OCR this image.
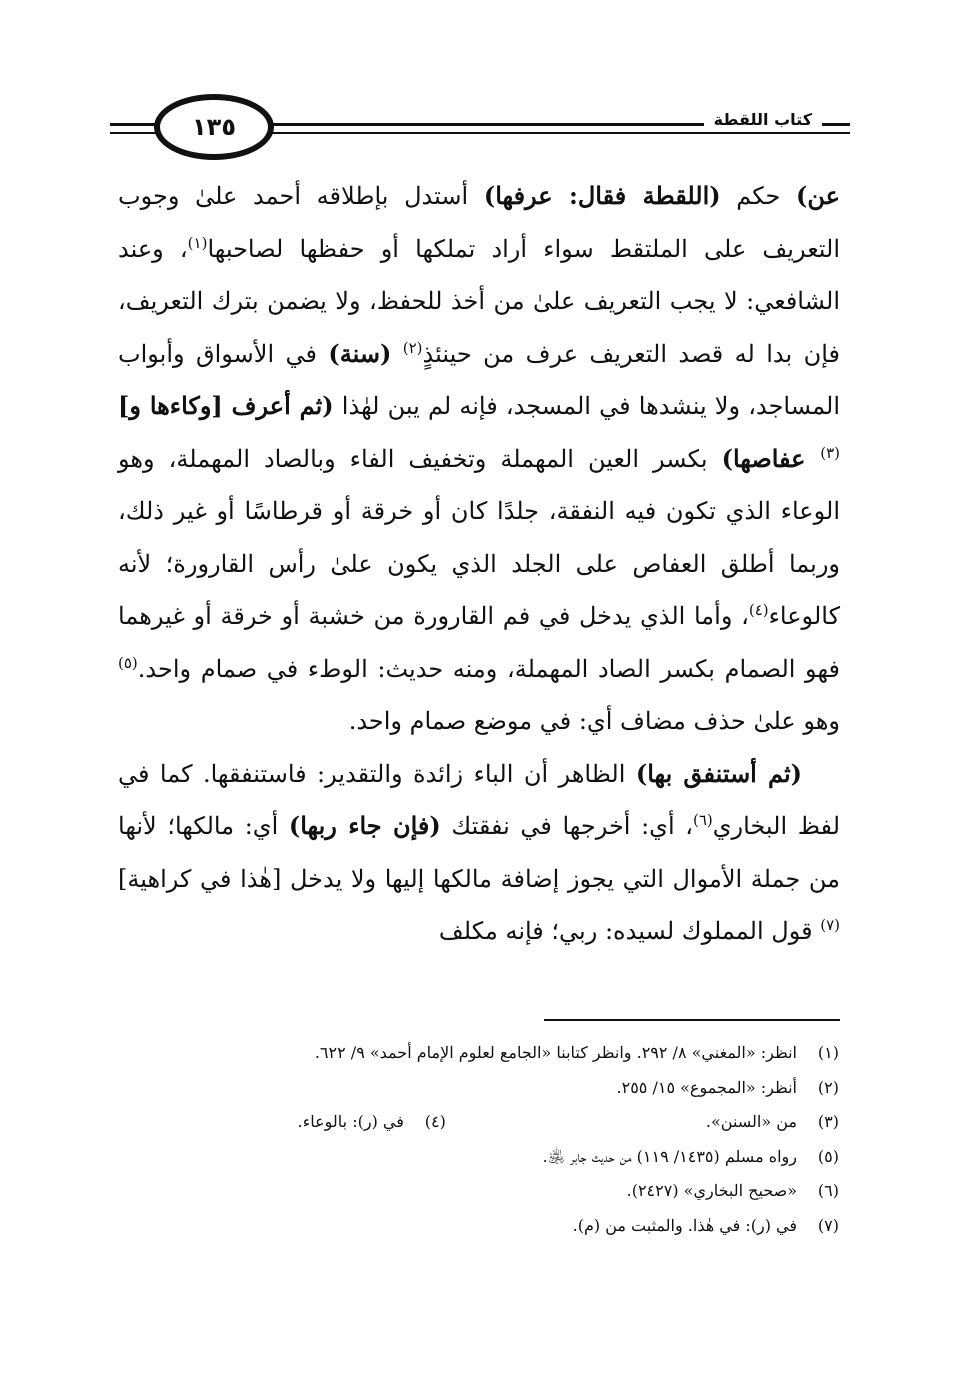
١٣٥	كتاب اللقطة

عن) حكم (اللقطة فقال: عرفها) أستدل بإطلاقه أحمد علىٰ وجوب التعريف على الملتقط سواء أراد تملكها أو حفظها لصاحبها$^{(١)}$، وعند الشافعي: لا يجب التعريف علىٰ من أخذ للحفظ، ولا يضمن بترك التعريف، فإن بدا له قصد التعريف عرف من حينئذٍ$^{(٢)}$ (سنة) في الأسواق وأبواب المساجد، ولا ينشدها في المسجد، فإنه لم يبن لهٰذا (ثم أعرف [وكاءها و]$^{(٣)}$ عفاصها) بكسر العين المهملة وتخفيف الفاء وبالصاد المهملة، وهو الوعاء الذي تكون فيه النفقة، جلدًا كان أو خرقة أو قرطاسًا أو غير ذلك، وربما أطلق العفاص على الجلد الذي يكون علىٰ رأس القارورة؛ لأنه كالوعاء$^{(٤)}$، وأما الذي يدخل في فم القارورة من خشبة أو خرقة أو غيرهما فهو الصمام بكسر الصاد المهملة، ومنه حديث: الوطء في صمام واحد.$^{(٥)}$ وهو علىٰ حذف مضاف أي: في موضع صمام واحد.

(ثم أستنفق بها) الظاهر أن الباء زائدة والتقدير: فاستنفقها. كما في لفظ البخاري$^{(٦)}$، أي: أخرجها في نفقتك (فإن جاء ربها) أي: مالكها؛ لأنها من جملة الأموال التي يجوز إضافة مالكها إليها ولا يدخل [هٰذا في كراهية]$^{(٧)}$ قول المملوك لسيده: ربي؛ فإنه مكلف

(١)
انظر: «المغني» ٨/ ٢٩٢. وانظر كتابنا «الجامع لعلوم الإمام أحمد» ٩/ ٦٢٢.
(٢)
أنظر: «المجموع» ١٥/ ٢٥٥.
(٣)
من «السنن».
(٤)
في (ر): بالوعاء.
(٥)
رواه مسلم (١٤٣٥/ ١١٩) من حديث جابر ﵁.
(٦)
«صحيح البخاري» (٢٤٢٧).
(٧)
في (ر): في هٰذا. والمثبت من (م).
